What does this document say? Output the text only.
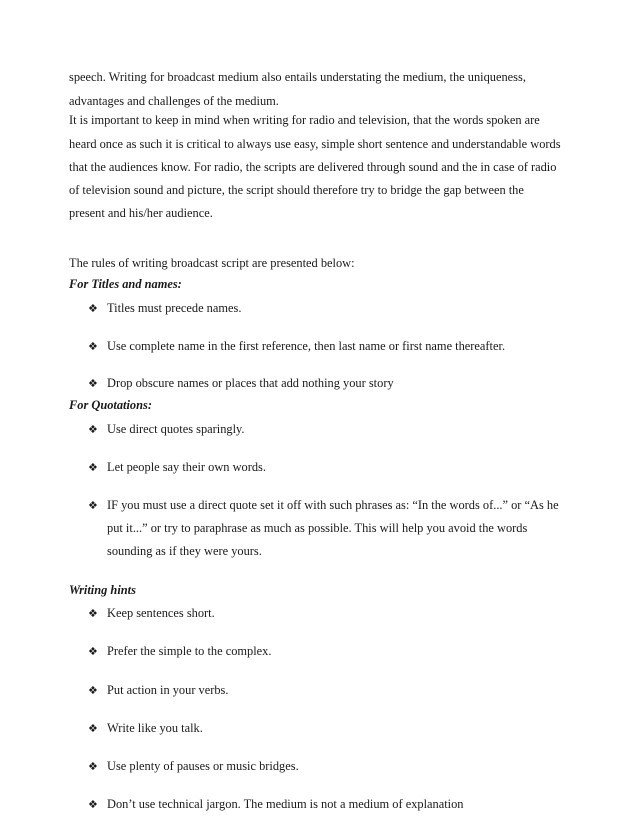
speech. Writing for broadcast medium also entails understating the medium, the uniqueness,
advantages and challenges of the medium.
It is important to keep in mind when writing for radio and television, that the words spoken are
heard once as such it is critical to always use easy, simple short sentence and understandable words
that the audiences know. For radio, the scripts are delivered through sound and the in case of radio
of television sound and picture, the script should therefore try to bridge the gap between the
present and his/her audience.
The rules of writing broadcast script are presented below:
For Titles and names:
❖ Titles must precede names.
❖ Use complete name in the first reference, then last name or first name thereafter.
❖ Drop obscure names or places that add nothing your story
For Quotations:
❖ Use direct quotes sparingly.
❖ Let people say their own words.
❖ IF you must use a direct quote set it off with such phrases as: “In the words of...” or “As he
put it...” or try to paraphrase as much as possible. This will help you avoid the words
sounding as if they were yours.
Writing hints
❖ Keep sentences short.
❖ Prefer the simple to the complex.
❖ Put action in your verbs.
❖ Write like you talk.
❖ Use plenty of pauses or music bridges.
❖ Don’t use technical jargon. The medium is not a medium of explanation
